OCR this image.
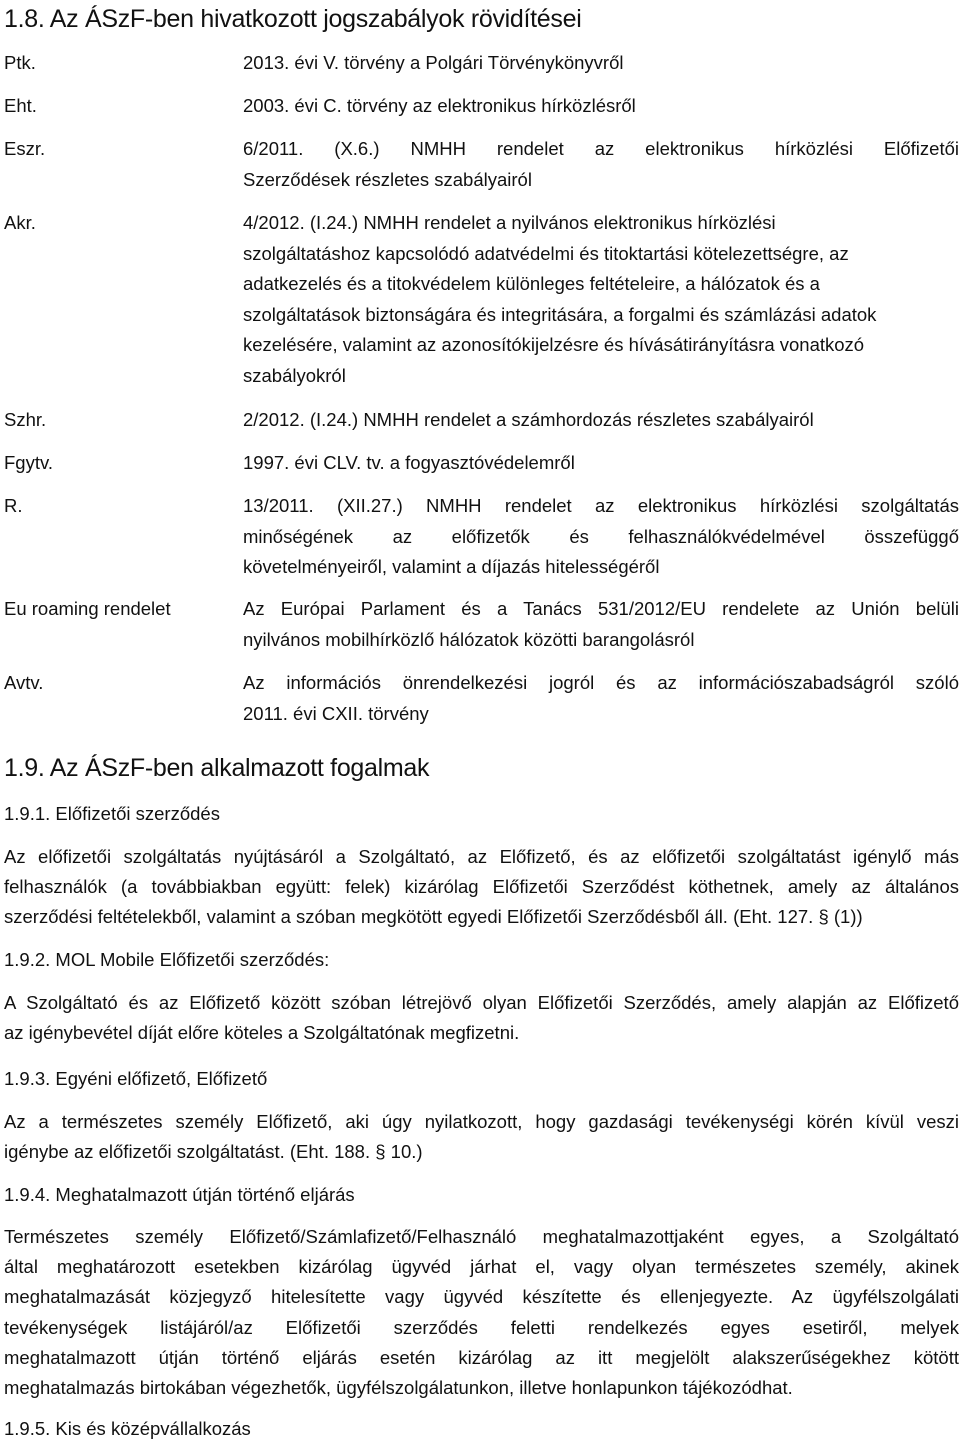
1.8. Az ÁSzF-ben hivatkozott jogszabályok rövidítései
Ptk.	2013. évi V. törvény a Polgári Törvénykönyvről
Eht.	2003. évi C. törvény az elektronikus hírközlésről
Eszr.	6/2011. (X.6.) NMHH rendelet az elektronikus hírközlési Előfizetői
Szerződések részletes szabályairól
Akr.	4/2012. (I.24.) NMHH rendelet a nyilvános elektronikus hírközlési
szolgáltatáshoz kapcsolódó adatvédelmi és titoktartási kötelezettségre, az
adatkezelés és a titokvédelem különleges feltételeire, a hálózatok és a
szolgáltatások biztonságára és integritására, a forgalmi és számlázási adatok
kezelésére, valamint az azonosítókijelzésre és hívásátirányításra vonatkozó
szabályokról
Szhr.	2/2012. (I.24.) NMHH rendelet a számhordozás részletes szabályairól
Fgytv.	1997. évi CLV. tv. a fogyasztóvédelemről
R.	13/2011. (XII.27.) NMHH rendelet az elektronikus hírközlési szolgáltatás
minőségének az előfizetők és felhasználókvédelmével összefüggő
követelményeiről, valamint a díjazás hitelességéről
Eu roaming rendelet	Az Európai Parlament és a Tanács 531/2012/EU rendelete az Unión belüli
nyilvános mobilhírközlő hálózatok közötti barangolásról
Avtv.	Az információs önrendelkezési jogról és az információszabadságról szóló
2011. évi CXII. törvény
1.9. Az ÁSzF-ben alkalmazott fogalmak
1.9.1. Előfizetői szerződés
Az előfizetői szolgáltatás nyújtásáról a Szolgáltató, az Előfizető, és az előfizetői szolgáltatást igénylő más
felhasználók (a továbbiakban együtt: felek) kizárólag Előfizetői Szerződést köthetnek, amely az általános
szerződési feltételekből, valamint a szóban megkötött egyedi Előfizetői Szerződésből áll. (Eht. 127. § (1))
1.9.2. MOL Mobile Előfizetői szerződés:
A Szolgáltató és az Előfizető között szóban létrejövő olyan Előfizetői Szerződés, amely alapján az Előfizető
az igénybevétel díját előre köteles a Szolgáltatónak megfizetni.
1.9.3. Egyéni előfizető, Előfizető
Az a természetes személy Előfizető, aki úgy nyilatkozott, hogy gazdasági tevékenységi körén kívül veszi
igénybe az előfizetői szolgáltatást. (Eht. 188. § 10.)
1.9.4. Meghatalmazott útján történő eljárás
Természetes személy Előfizető/Számlafizető/Felhasználó meghatalmazottjaként egyes, a Szolgáltató
által meghatározott esetekben kizárólag ügyvéd járhat el, vagy olyan természetes személy, akinek
meghatalmazását közjegyző hitelesítette vagy ügyvéd készítette és ellenjegyezte. Az ügyfélszolgálati
tevékenységek listájáról/az Előfizetői szerződés feletti rendelkezés egyes esetiről, melyek
meghatalmazott útján történő eljárás esetén kizárólag az itt megjelölt alakszerűségekhez kötött
meghatalmazás birtokában végezhetők, ügyfélszolgálatunkon, illetve honlapunkon tájékozódhat.
1.9.5. Kis és középvállalkozás
